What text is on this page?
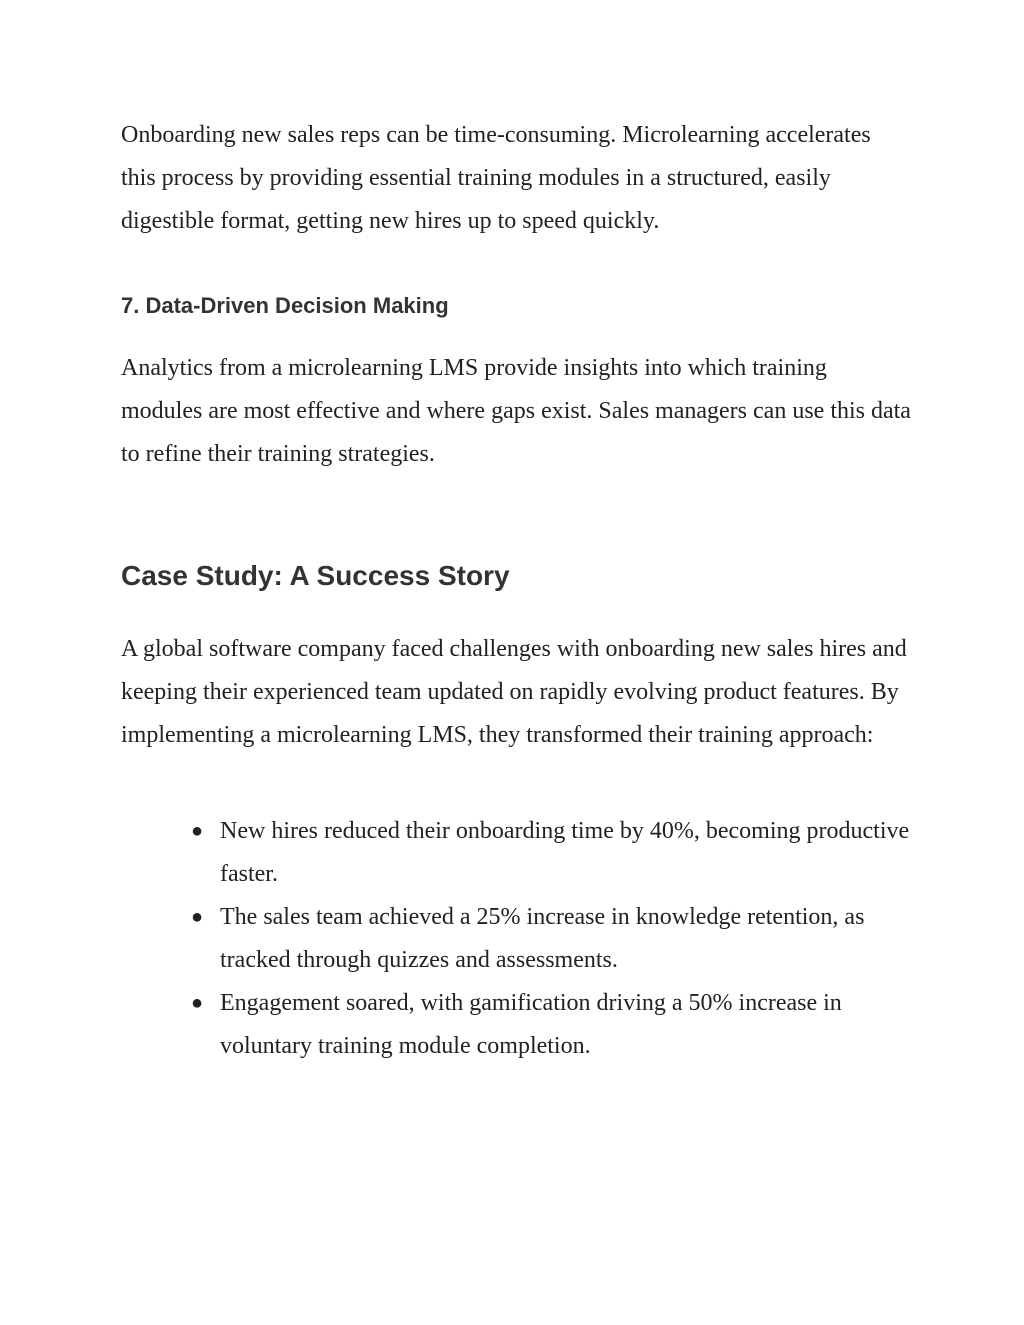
Onboarding new sales reps can be time-consuming. Microlearning accelerates this process by providing essential training modules in a structured, easily digestible format, getting new hires up to speed quickly.

7. Data-Driven Decision Making

Analytics from a microlearning LMS provide insights into which training modules are most effective and where gaps exist. Sales managers can use this data to refine their training strategies.

Case Study: A Success Story

A global software company faced challenges with onboarding new sales hires and keeping their experienced team updated on rapidly evolving product features. By implementing a microlearning LMS, they transformed their training approach:

● New hires reduced their onboarding time by 40%, becoming productive faster.
● The sales team achieved a 25% increase in knowledge retention, as tracked through quizzes and assessments.
● Engagement soared, with gamification driving a 50% increase in voluntary training module completion.
